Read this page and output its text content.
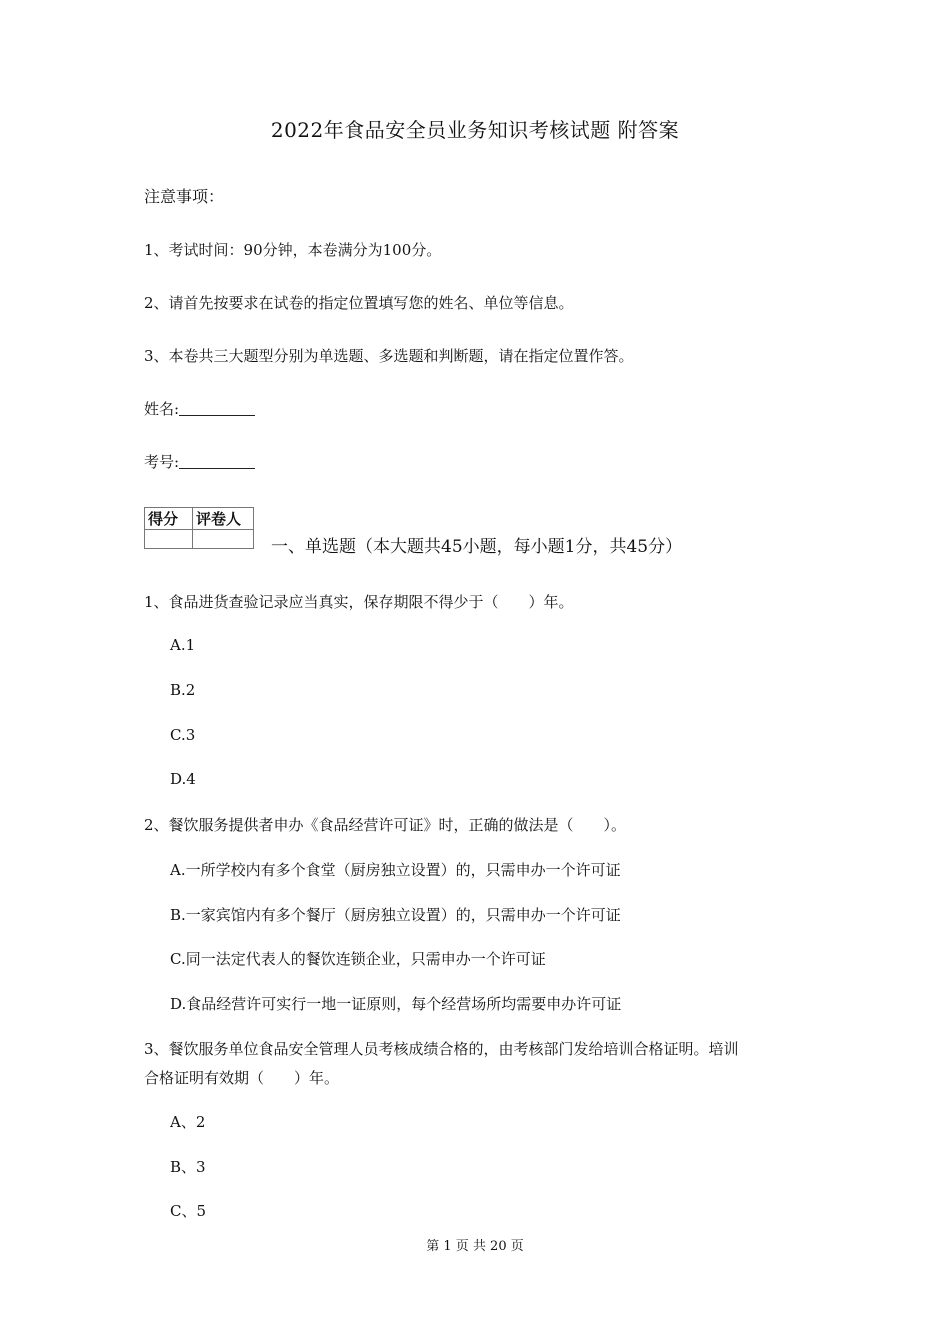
2022年食品安全员业务知识考核试题 附答案
注意事项：
1、考试时间：90分钟，本卷满分为100分。
2、请首先按要求在试卷的指定位置填写您的姓名、单位等信息。
3、本卷共三大题型分别为单选题、多选题和判断题，请在指定位置作答。
姓名:
考号:
得分	评卷人

一、单选题（本大题共45小题，每小题1分，共45分）
1、食品进货查验记录应当真实，保存期限不得少于（　　）年。
A.1
B.2
C.3
D.4
2、餐饮服务提供者申办《食品经营许可证》时，正确的做法是（　　）。
A.一所学校内有多个食堂（厨房独立设置）的，只需申办一个许可证
B.一家宾馆内有多个餐厅（厨房独立设置）的，只需申办一个许可证
C.同一法定代表人的餐饮连锁企业，只需申办一个许可证
D.食品经营许可实行一地一证原则，每个经营场所均需要申办许可证
3、餐饮服务单位食品安全管理人员考核成绩合格的，由考核部门发给培训合格证明。培训
合格证明有效期（　　）年。
A、2
B、3
C、5
第 1 页 共 20 页
